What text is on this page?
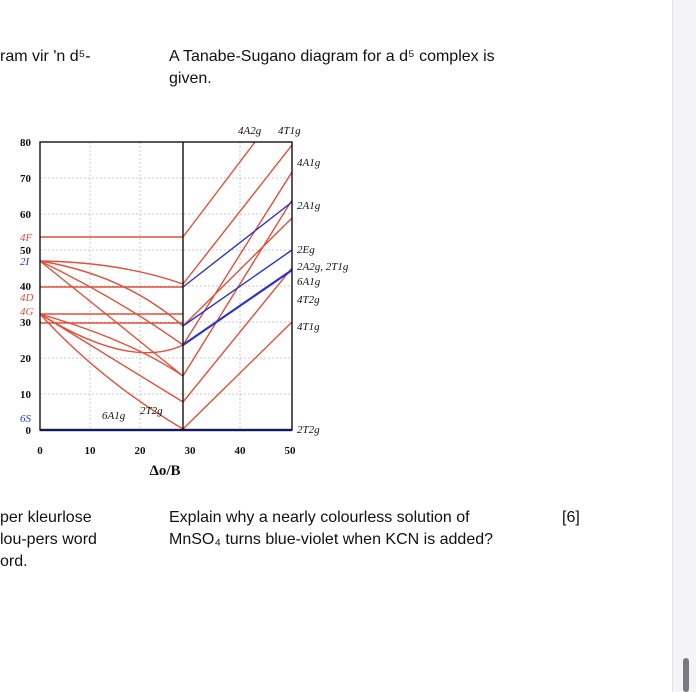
ram vir 'n d⁵-	A Tanabe-Sugano diagram for a d⁵ complex is
given.
0
10
20
30
40
50
60
70
80
0	10	20	30	40	50
Δo/B
4F
2I
4D
4G
6S
4A2g 4T1g
4A1g
2A1g
2Eg
2A2g, 2T1g
6A1g
4T2g
4T1g
2T2g
6A1g 2T2g
per kleurlose
lou-pers word
ord.
Explain why a nearly colourless solution of
MnSO₄ turns blue-violet when KCN is added?
[6]
